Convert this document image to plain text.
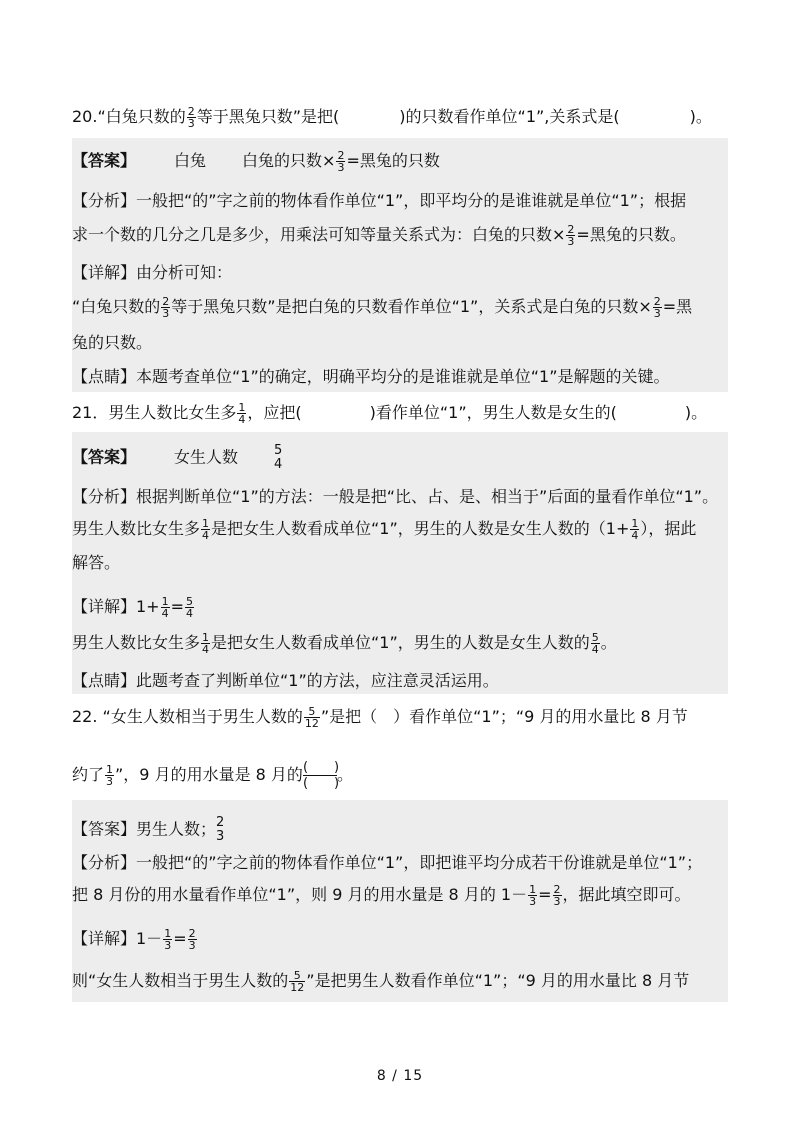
20.“白兔只数的 $\frac{2}{3}$ 等于黑兔只数”是把(	)的只数看作单位“1”,关系式是(	)。
【答案】 白兔 白兔的只数× $\frac{2}{3}$ =黑兔的只数
【分析】一般把“的”字之前的物体看作单位“1”，即平均分的是谁谁就是单位“1”；根据
求一个数的几分之几是多少，用乘法可知等量关系式为：白兔的只数× $\frac{2}{3}$ =黑兔的只数。
【详解】由分析可知：
“白兔只数的 $\frac{2}{3}$ 等于黑兔只数”是把白兔的只数看作单位“1”，关系式是白兔的只数× $\frac{2}{3}$ =黑
兔的只数。
【点睛】本题考查单位“1”的确定，明确平均分的是谁谁就是单位“1”是解题的关键。
21．男生人数比女生多 $\frac{1}{4}$ ，应把(	)看作单位“1”，男生人数是女生的(	)。
【答案】 女生人数	5
4
【分析】根据判断单位“1”的方法：一般是把“比、占、是、相当于”后面的量看作单位“1”。
男生人数比女生多 $\frac{1}{4}$ 是把女生人数看成单位“1”，男生的人数是女生人数的（$1+ \frac{1}{4}$ ），据此
解答。
【详解】$1+ \frac{1}{4} = \frac{5}{4}$
男生人数比女生多 $\frac{1}{4}$ 是把女生人数看成单位“1”，男生的人数是女生人数的 $\frac{5}{4}$ 。
【点睛】此题考查了判断单位“1”的方法，应注意灵活运用。
22. “女生人数相当于男生人数的 $\frac{5}{12}$ ”是把（　）看作单位“1”；“9 月的用水量比 8 月节
约了 $\frac{1}{3}$ ”，9 月的用水量是 8 月的 (　　)
(　　)。
【答案】男生人数； 2
3
【分析】一般把“的”字之前的物体看作单位“1”，即把谁平均分成若干份谁就是单位“1”；
把 8 月份的用水量看作单位“1”，则 9 月的用水量是 8 月的 $1- \frac{1}{3} = \frac{2}{3}$ ，据此填空即可。
【详解】$1- \frac{1}{3} = \frac{2}{3}$
则“女生人数相当于男生人数的 $\frac{5}{12}$ ”是把男生人数看作单位“1”；“9 月的用水量比 8 月节
8 / 15
